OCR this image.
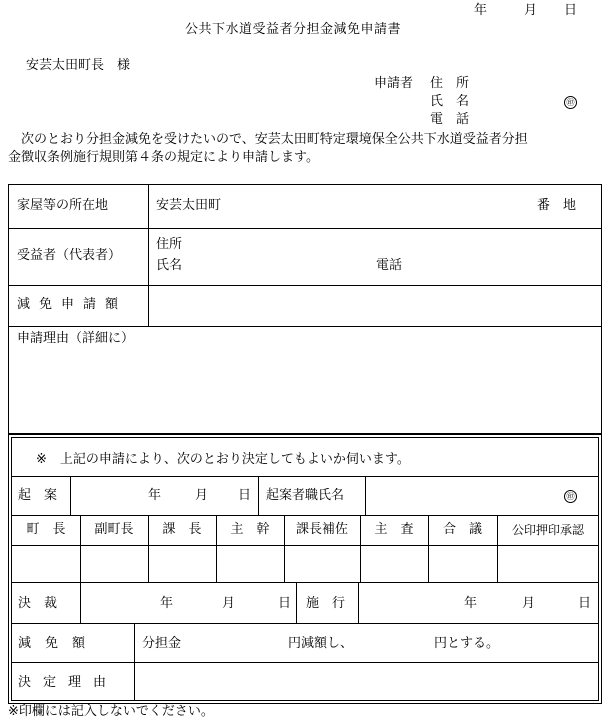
年	月 日
公共下水道受益者分担金減免申請書
安芸太田町長　様
申請者 住　所
氏　名	㊞
電　話
　次のとおり分担金減免を受けたいので、安芸太田町特定環境保全公共下水道受益者分担
金徴収条例施行規則第４条の規定により申請します。
家屋等の所在地	安芸太田町	番　地
受益者（代表者）
住所
氏名	電話
減免申請額
申請理由（詳細に）
※　上記の申請により、次のとおり決定してもよいか伺います。
起　案	年	月 日 起案者職氏名	㊞
町　長	副町長	課　長	主　幹	課長補佐	主　査	合　議	公印押印承認
決　裁	年	月	日 施　行	年	月	日
減免額	分担金	円減額し、	円とする。
決定理由
※印欄には記入しないでください。
